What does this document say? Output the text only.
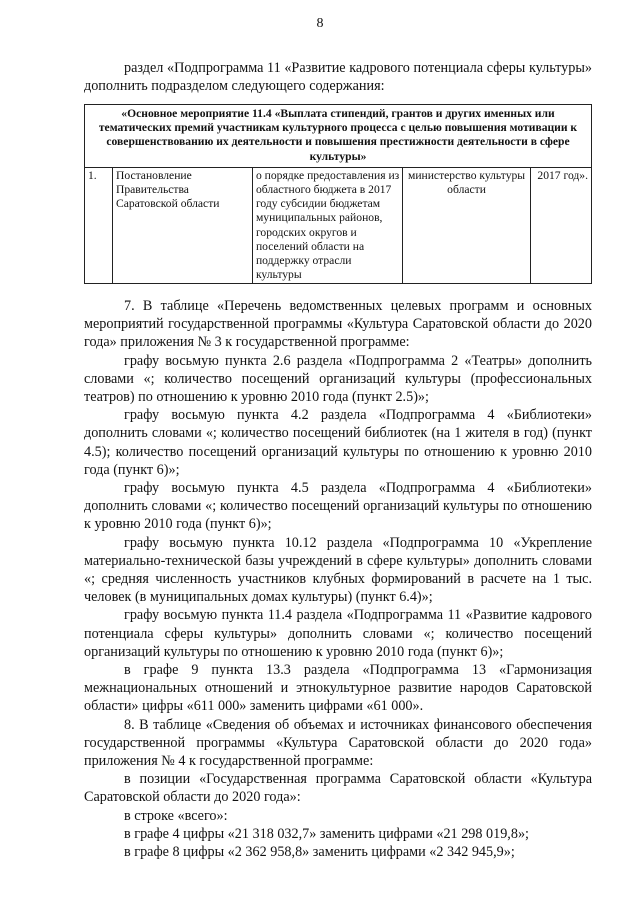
8

раздел «Подпрограмма 11 «Развитие кадрового потенциала сферы культуры» дополнить подразделом следующего содержания:

«Основное мероприятие 11.4 «Выплата стипендий, грантов и других именных или тематических премий участникам культурного процесса с целью повышения мотивации к совершенствованию их деятельности и повышения престижности деятельности в сфере культуры»
1.	Постановление Правительства Саратовской области	о порядке предоставления из областного бюджета в 2017 году субсидии бюджетам муниципальных районов, городских округов и поселений области на поддержку отрасли культуры	министерство культуры области	2017 год».

7. В таблице «Перечень ведомственных целевых программ и основных мероприятий государственной программы «Культура Саратовской области до 2020 года» приложения № 3 к государственной программе:

графу восьмую пункта 2.6 раздела «Подпрограмма 2 «Театры» дополнить словами «; количество посещений организаций культуры (профессиональных театров) по отношению к уровню 2010 года (пункт 2.5)»;

графу восьмую пункта 4.2 раздела «Подпрограмма 4 «Библиотеки» дополнить словами «; количество посещений библиотек (на 1 жителя в год) (пункт 4.5); количество посещений организаций культуры по отношению к уровню 2010 года (пункт 6)»;

графу восьмую пункта 4.5 раздела «Подпрограмма 4 «Библиотеки» дополнить словами «; количество посещений организаций культуры по отношению к уровню 2010 года (пункт 6)»;

графу восьмую пункта 10.12 раздела «Подпрограмма 10 «Укрепление материально-технической базы учреждений в сфере культуры» дополнить словами «; средняя численность участников клубных формирований в расчете на 1 тыс. человек (в муниципальных домах культуры) (пункт 6.4)»;

графу восьмую пункта 11.4 раздела «Подпрограмма 11 «Развитие кадрового потенциала сферы культуры» дополнить словами «; количество посещений организаций культуры по отношению к уровню 2010 года (пункт 6)»;

в графе 9 пункта 13.3 раздела «Подпрограмма 13 «Гармонизация межнациональных отношений и этнокультурное развитие народов Саратовской области» цифры «611 000» заменить цифрами «61 000».

8. В таблице «Сведения об объемах и источниках финансового обеспечения государственной программы «Культура Саратовской области до 2020 года» приложения № 4 к государственной программе:

в позиции «Государственная программа Саратовской области «Культура Саратовской области до 2020 года»:

в строке «всего»:

в графе 4 цифры «21 318 032,7» заменить цифрами «21 298 019,8»;

в графе 8 цифры «2 362 958,8» заменить цифрами «2 342 945,9»;
